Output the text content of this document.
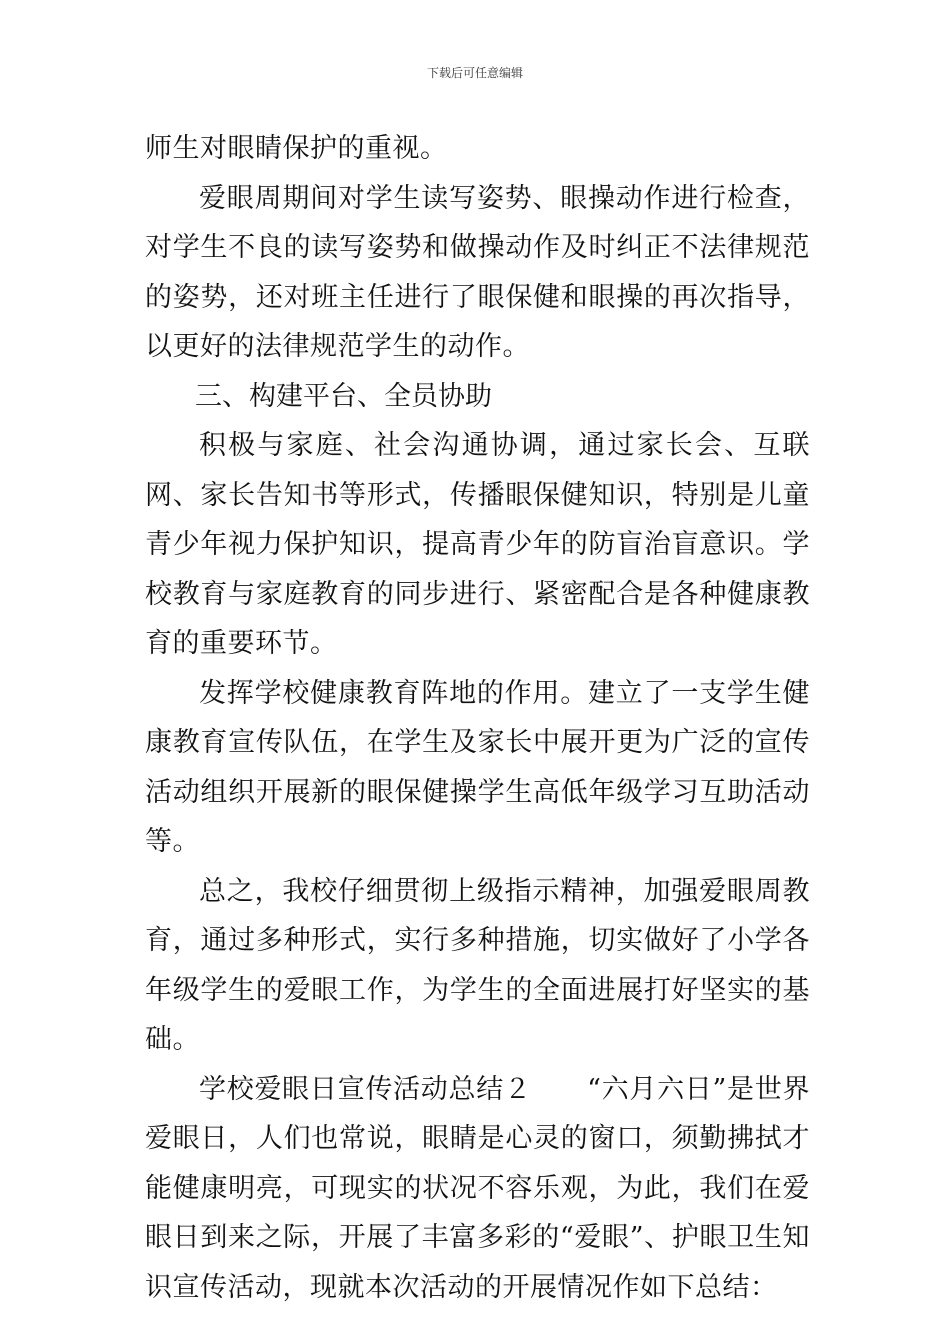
下载后可任意编辑

师生对眼睛保护的重视。

爱眼周期间对学生读写姿势、眼操动作进行检查，对学生不良的读写姿势和做操动作及时纠正不法律规范的姿势，还对班主任进行了眼保健和眼操的再次指导，以更好的法律规范学生的动作。

三、构建平台、全员协助

积极与家庭、社会沟通协调，通过家长会、互联网、家长告知书等形式，传播眼保健知识，特别是儿童青少年视力保护知识，提高青少年的防盲治盲意识。学校教育与家庭教育的同步进行、紧密配合是各种健康教育的重要环节。

发挥学校健康教育阵地的作用。建立了一支学生健康教育宣传队伍，在学生及家长中展开更为广泛的宣传活动组织开展新的眼保健操学生高低年级学习互助活动等。

总之，我校仔细贯彻上级指示精神，加强爱眼周教育，通过多种形式，实行多种措施，切实做好了小学各年级学生的爱眼工作，为学生的全面进展打好坚实的基础。

学校爱眼日宣传活动总结２　　“六月六日”是世界爱眼日，人们也常说，眼睛是心灵的窗口，须勤拂拭才能健康明亮，可现实的状况不容乐观，为此，我们在爱眼日到来之际，开展了丰富多彩的“爱眼”、护眼卫生知识宣传活动，现就本次活动的开展情况作如下总结：
